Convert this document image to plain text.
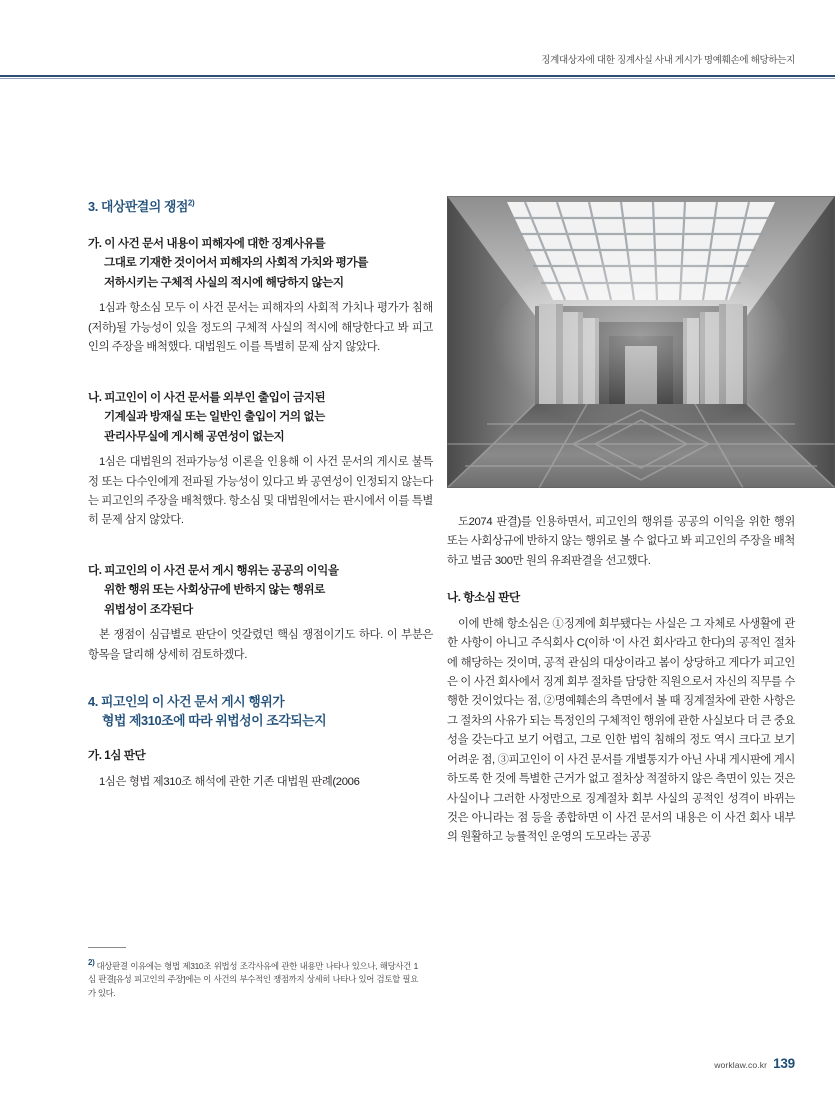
징계대상자에 대한 징계사실 사내 게시가 명예훼손에 해당하는지
3. 대상판결의 쟁점$^{2)}$
가. 이 사건 문서 내용이 피해자에 대한 징계사유를
그대로 기재한 것이어서 피해자의 사회적 가치와 평가를
저하시키는 구체적 사실의 적시에 해당하지 않는지

1심과 항소심 모두 이 사건 문서는 피해자의 사회적 가치나 평가가 침해(저하)될 가능성이 있을 정도의 구체적 사실의 적시에 해당한다고 봐 피고인의 주장을 배척했다. 대법원도 이를 특별히 문제 삼지 않았다.

나. 피고인이 이 사건 문서를 외부인 출입이 금지된
기계실과 방재실 또는 일반인 출입이 거의 없는
관리사무실에 게시해 공연성이 없는지

1심은 대법원의 전파가능성 이론을 인용해 이 사건 문서의 게시로 불특정 또는 다수인에게 전파될 가능성이 있다고 봐 공연성이 인정되지 않는다는 피고인의 주장을 배척했다. 항소심 및 대법원에서는 판시에서 이를 특별히 문제 삼지 않았다.

다. 피고인의 이 사건 문서 게시 행위는 공공의 이익을
위한 행위 또는 사회상규에 반하지 않는 행위로
위법성이 조각된다

본 쟁점이 심급별로 판단이 엇갈렸던 핵심 쟁점이기도 하다. 이 부분은 항목을 달리해 상세히 검토하겠다.

4. 피고인의 이 사건 문서 게시 행위가
형법 제310조에 따라 위법성이 조각되는지
가. 1심 판단

1심은 형법 제310조 해석에 관한 기존 대법원 판례(2006

도2074 판결)를 인용하면서, 피고인의 행위를 공공의 이익을 위한 행위 또는 사회상규에 반하지 않는 행위로 볼 수 없다고 봐 피고인의 주장을 배척하고 벌금 300만 원의 유죄판결을 선고했다.

나. 항소심 판단

이에 반해 항소심은 ①징계에 회부됐다는 사실은 그 자체로 사생활에 관한 사항이 아니고 주식회사 C(이하 '이 사건 회사'라고 한다)의 공적인 절차에 해당하는 것이며, 공적 관심의 대상이라고 봄이 상당하고 게다가 피고인은 이 사건 회사에서 징계 회부 절차를 담당한 직원으로서 자신의 직무를 수행한 것이었다는 점, ②명예훼손의 측면에서 볼 때 징계절차에 관한 사항은 그 절차의 사유가 되는 특정인의 구체적인 행위에 관한 사실보다 더 큰 중요성을 갖는다고 보기 어렵고, 그로 인한 법익 침해의 정도 역시 크다고 보기 어려운 점, ③피고인이 이 사건 문서를 개별통지가 아닌 사내 게시판에 게시하도록 한 것에 특별한 근거가 없고 절차상 적절하지 않은 측면이 있는 것은 사실이나 그러한 사정만으로 징계절차 회부 사실의 공적인 성격이 바뀌는 것은 아니라는 점 등을 종합하면 이 사건 문서의 내용은 이 사건 회사 내부의 원활하고 능률적인 운영의 도모라는 공공

2) 대상판결 이유에는 형법 제310조 위법성 조각사유에 관한 내용만 나타나 있으나, 해당사건 1심 판결[유성 피고인의 주장]에는 이 사건의 부수적인 쟁점까지 상세히 나타나 있어 검토할 필요가 있다.
worklaw.co.kr 139
